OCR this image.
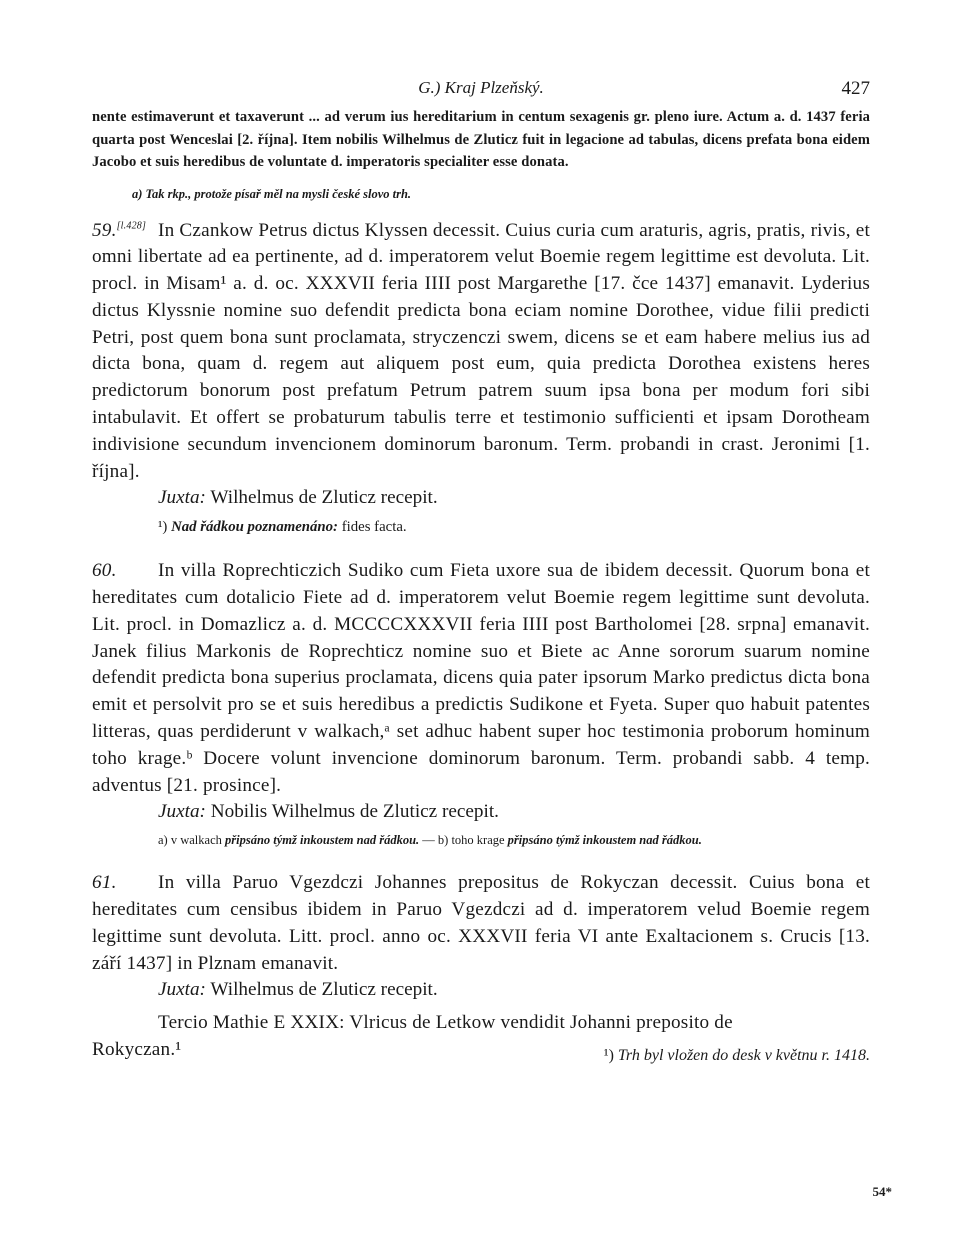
G.) Kraj Plzeňský.	427

nente estimaverunt et taxaverunt ... ad verum ius hereditarium in centum sexagenis gr. pleno iure. Actum a. d. 1437 feria quarta post Wenceslai [2. října]. Item nobilis Wilhelmus de Zluticz fuit in legacione ad tabulas, dicens prefata bona eidem Jacobo et suis heredibus de voluntate d. imperatoris specialiter esse donata.

a) Tak rkp., protože písař měl na mysli české slovo trh.

59.[l.428] In Czankow Petrus dictus Klyssen decessit. Cuius curia cum araturis, agris, pratis, rivis, et omni libertate ad ea pertinente, ad d. imperatorem velut Boemie regem legittime est devoluta. Lit. procl. in Misam¹ a. d. oc. XXXVII feria IIII post Margarethe [17. čce 1437] emanavit. Lyderius dictus Klyssnie nomine suo defendit predicta bona eciam nomine Dorothee, vidue filii predicti Petri, post quem bona sunt proclamata, stryczenczi swem, dicens se et eam habere melius ius ad dicta bona, quam d. regem aut aliquem post eum, quia predicta Dorothea existens heres predictorum bonorum post prefatum Petrum patrem suum ipsa bona per modum fori sibi intabulavit. Et offert se probaturum tabulis terre et testimonio sufficienti et ipsam Dorotheam indivisione secundum invencionem dominorum baronum. Term. probandi in crast. Jeronimi [1. října].

Juxta: Wilhelmus de Zluticz recepit.

¹) Nad řádkou poznamenáno: fides facta.

60. In villa Roprechticzich Sudiko cum Fieta uxore sua de ibidem decessit. Quorum bona et hereditates cum dotalicio Fiete ad d. imperatorem velut Boemie regem legittime sunt devoluta. Lit. procl. in Domazlicz a. d. MCCCCXXXVII feria IIII post Bartholomei [28. srpna] emanavit. Janek filius Markonis de Roprechticz nomine suo et Biete ac Anne sororum suarum nomine defendit predicta bona superius proclamata, dicens quia pater ipsorum Marko predictus dicta bona emit et persolvit pro se et suis heredibus a predictis Sudikone et Fyeta. Super quo habuit patentes litteras, quas perdiderunt v walkach,ᵃ set adhuc habent super hoc testimonia proborum hominum toho krage.ᵇ Docere volunt invencione dominorum baronum. Term. probandi sabb. 4 temp. adventus [21. prosince].

Juxta: Nobilis Wilhelmus de Zluticz recepit.

a) v walkach připsáno týmž inkoustem nad řádkou. — b) toho krage připsáno týmž inkoustem nad řádkou.

61. In villa Paruo Vgezdczi Johannes prepositus de Rokyczan decessit. Cuius bona et hereditates cum censibus ibidem in Paruo Vgezdczi ad d. imperatorem velud Boemie regem legittime sunt devoluta. Litt. procl. anno oc. XXXVII feria VI ante Exaltacionem s. Crucis [13. září 1437] in Plznam emanavit.

Juxta: Wilhelmus de Zluticz recepit.

Tercio Mathie E XXIX: Vlricus de Letkow vendidit Johanni preposito de

Rokyczan.¹	¹) Trh byl vložen do desk v květnu r. 1418.
54*
